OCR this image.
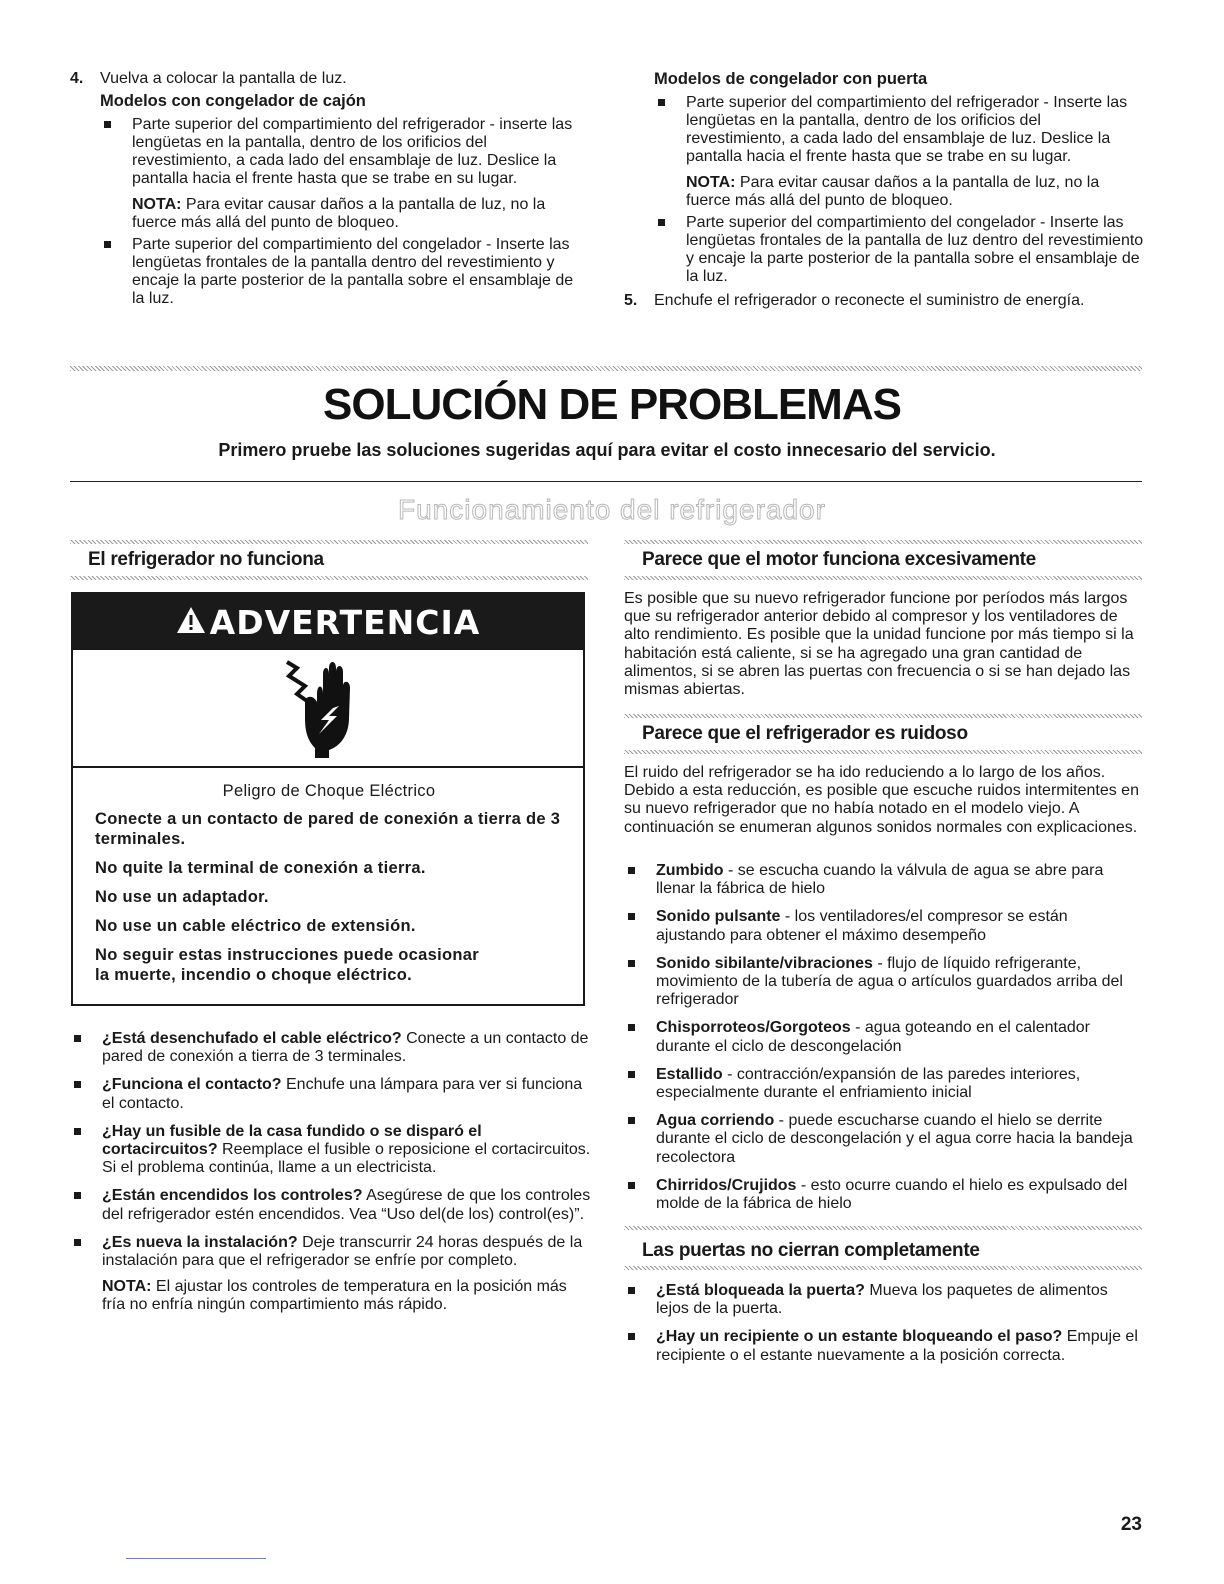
4. Vuelva a colocar la pantalla de luz.

Modelos con congelador de cajón

Parte superior del compartimiento del refrigerador - inserte las lengüetas en la pantalla, dentro de los orificios del revestimiento, a cada lado del ensamblaje de luz. Deslice la pantalla hacia el frente hasta que se trabe en su lugar.

NOTA: Para evitar causar daños a la pantalla de luz, no la fuerce más allá del punto de bloqueo.

Parte superior del compartimiento del congelador - Inserte las lengüetas frontales de la pantalla dentro del revestimiento y encaje la parte posterior de la pantalla sobre el ensamblaje de la luz.

Modelos de congelador con puerta

Parte superior del compartimiento del refrigerador - Inserte las lengüetas en la pantalla, dentro de los orificios del revestimiento, a cada lado del ensamblaje de luz. Deslice la pantalla hacia el frente hasta que se trabe en su lugar.

NOTA: Para evitar causar daños a la pantalla de luz, no la fuerce más allá del punto de bloqueo.

Parte superior del compartimiento del congelador - Inserte las lengüetas frontales de la pantalla de luz dentro del revestimiento y encaje la parte posterior de la pantalla sobre el ensamblaje de la luz.
5. Enchufe el refrigerador o reconecte el suministro de energía.

SOLUCIÓN DE PROBLEMAS
Primero pruebe las soluciones sugeridas aquí para evitar el costo innecesario del servicio.
Funcionamiento del refrigerador
El refrigerador no funciona
ADVERTENCIA

Peligro de Choque Eléctrico

Conecte a un contacto de pared de conexión a tierra de 3 terminales.

No quite la terminal de conexión a tierra.

No use un adaptador.

No use un cable eléctrico de extensión.

No seguir estas instrucciones puede ocasionar la muerte, incendio o choque eléctrico.

¿Está desenchufado el cable eléctrico? Conecte a un contacto de pared de conexión a tierra de 3 terminales.
¿Funciona el contacto? Enchufe una lámpara para ver si funciona el contacto.
¿Hay un fusible de la casa fundido o se disparó el cortacircuitos? Reemplace el fusible o reposicione el cortacircuitos. Si el problema continúa, llame a un electricista.
¿Están encendidos los controles? Asegúrese de que los controles del refrigerador estén encendidos. Vea “Uso del(de los) control(es)”.
¿Es nueva la instalación? Deje transcurrir 24 horas después de la instalación para que el refrigerador se enfríe por completo.

NOTA: El ajustar los controles de temperatura en la posición más fría no enfría ningún compartimiento más rápido.

Parece que el motor funciona excesivamente

Es posible que su nuevo refrigerador funcione por períodos más largos que su refrigerador anterior debido al compresor y los ventiladores de alto rendimiento. Es posible que la unidad funcione por más tiempo si la habitación está caliente, si se ha agregado una gran cantidad de alimentos, si se abren las puertas con frecuencia o si se han dejado las mismas abiertas.

Parece que el refrigerador es ruidoso

El ruido del refrigerador se ha ido reduciendo a lo largo de los años. Debido a esta reducción, es posible que escuche ruidos intermitentes en su nuevo refrigerador que no había notado en el modelo viejo. A continuación se enumeran algunos sonidos normales con explicaciones.

Zumbido - se escucha cuando la válvula de agua se abre para llenar la fábrica de hielo
Sonido pulsante - los ventiladores/el compresor se están ajustando para obtener el máximo desempeño
Sonido sibilante/vibraciones - flujo de líquido refrigerante, movimiento de la tubería de agua o artículos guardados arriba del refrigerador
Chisporroteos/Gorgoteos - agua goteando en el calentador durante el ciclo de descongelación
Estallido - contracción/expansión de las paredes interiores, especialmente durante el enfriamiento inicial
Agua corriendo - puede escucharse cuando el hielo se derrite durante el ciclo de descongelación y el agua corre hacia la bandeja recolectora
Chirridos/Crujidos - esto ocurre cuando el hielo es expulsado del molde de la fábrica de hielo
Las puertas no cierran completamente
¿Está bloqueada la puerta? Mueva los paquetes de alimentos lejos de la puerta.
¿Hay un recipiente o un estante bloqueando el paso? Empuje el recipiente o el estante nuevamente a la posición correcta.
23
